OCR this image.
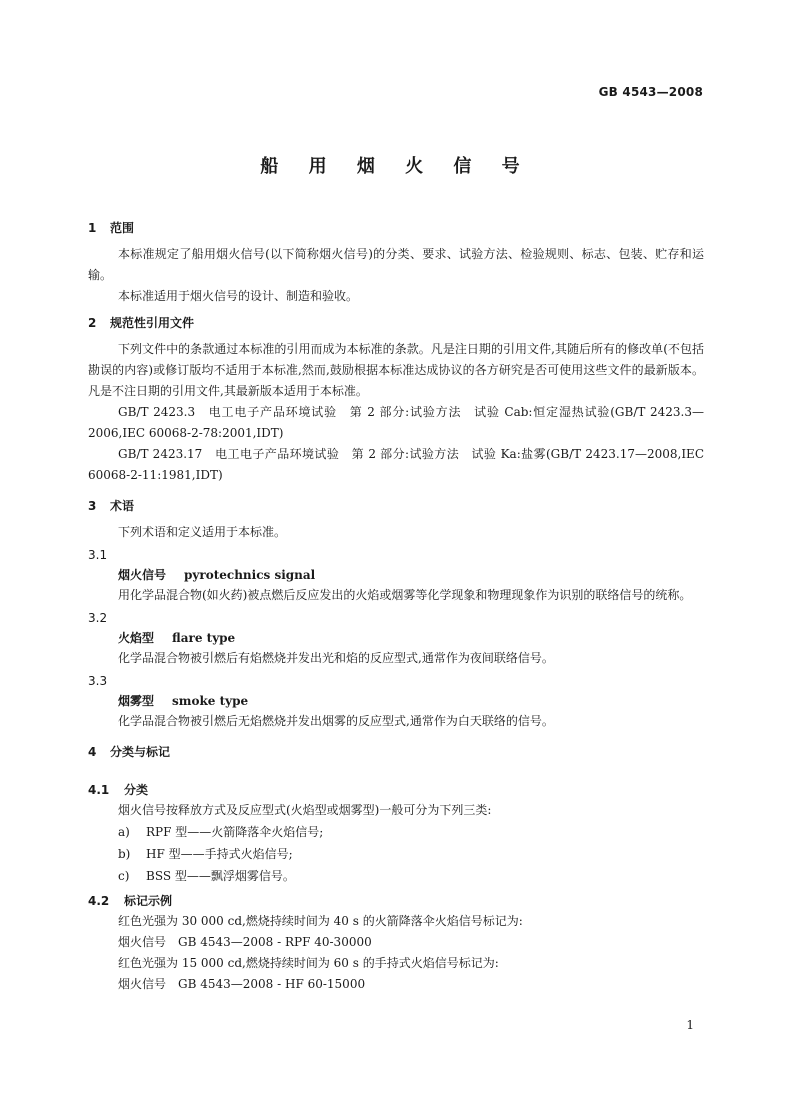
GB 4543—2008
船 用 烟 火 信 号
1 范围

本标准规定了船用烟火信号(以下简称烟火信号)的分类、要求、试验方法、检验规则、标志、包装、贮存和运输。

本标准适用于烟火信号的设计、制造和验收。

2 规范性引用文件

下列文件中的条款通过本标准的引用而成为本标准的条款。凡是注日期的引用文件,其随后所有的修改单(不包括勘误的内容)或修订版均不适用于本标准,然而,鼓励根据本标准达成协议的各方研究是否可使用这些文件的最新版本。凡是不注日期的引用文件,其最新版本适用于本标准。

GB/T 2423.3　电工电子产品环境试验　第 2 部分:试验方法　试验 Cab:恒定湿热试验(GB/T 2423.3—2006,IEC 60068-2-78:2001,IDT)

GB/T 2423.17　电工电子产品环境试验　第 2 部分:试验方法　试验 Ka:盐雾(GB/T 2423.17—2008,IEC 60068-2-11:1981,IDT)

3 术语

下列术语和定义适用于本标准。

3.1
烟火信号 pyrotechnics signal

用化学品混合物(如火药)被点燃后反应发出的火焰或烟雾等化学现象和物理现象作为识别的联络信号的统称。

3.2
火焰型 flare type

化学品混合物被引燃后有焰燃烧并发出光和焰的反应型式,通常作为夜间联络信号。

3.3
烟雾型 smoke type

化学品混合物被引燃后无焰燃烧并发出烟雾的反应型式,通常作为白天联络的信号。

4 分类与标记
4.1 分类

烟火信号按释放方式及反应型式(火焰型或烟雾型)一般可分为下列三类:

a) RPF 型——火箭降落伞火焰信号;
b) HF 型——手持式火焰信号;
c) BSS 型——飘浮烟雾信号。
4.2 标记示例

红色光强为 30 000 cd,燃烧持续时间为 40 s 的火箭降落伞火焰信号标记为:

烟火信号　GB 4543—2008 - RPF 40-30000

红色光强为 15 000 cd,燃烧持续时间为 60 s 的手持式火焰信号标记为:

烟火信号　GB 4543—2008 - HF 60-15000

1
